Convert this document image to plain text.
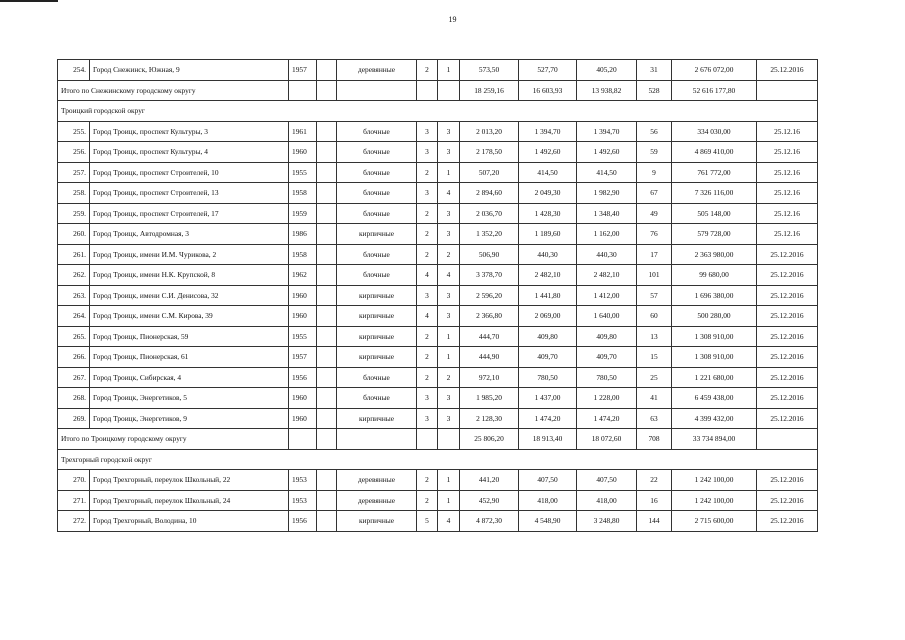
19
254.	Город Снежинск, Южная, 9	1957		деревянные	2	1	573,50	527,70	405,20	31	2 676 072,00	25.12.2016
Итого по Снежинскому городскому округу							18 259,16	16 603,93	13 938,82	528	52 616 177,80	
Троицкий городской округ												
255.	Город Троицк, проспект Культуры, 3	1961		блочные	3	3	2 013,20	1 394,70	1 394,70	56	334 030,00	25.12.16
256.	Город Троицк, проспект Культуры, 4	1960		блочные	3	3	2 178,50	1 492,60	1 492,60	59	4 869 410,00	25.12.16
257.	Город Троицк, проспект Строителей, 10	1955		блочные	2	1	507,20	414,50	414,50	9	761 772,00	25.12.16
258.	Город Троицк, проспект Строителей, 13	1958		блочные	3	4	2 894,60	2 049,30	1 982,90	67	7 326 116,00	25.12.16
259.	Город Троицк, проспект Строителей, 17	1959		блочные	2	3	2 036,70	1 428,30	1 348,40	49	505 148,00	25.12.16
260.	Город Троицк, Автодромная, 3	1986		кирпичные	2	3	1 352,20	1 189,60	1 162,00	76	579 728,00	25.12.16
261.	Город Троицк, имени И.М. Чурикова, 2	1958		блочные	2	2	506,90	440,30	440,30	17	2 363 980,00	25.12.2016
262.	Город Троицк, имени Н.К. Крупской, 8	1962		блочные	4	4	3 378,70	2 482,10	2 482,10	101	99 680,00	25.12.2016
263.	Город Троицк, имени С.И. Денисова, 32	1960		кирпичные	3	3	2 596,20	1 441,80	1 412,00	57	1 696 380,00	25.12.2016
264.	Город Троицк, имени С.М. Кирова, 39	1960		кирпичные	4	3	2 366,80	2 069,00	1 640,00	60	500 280,00	25.12.2016
265.	Город Троицк, Пионерская, 59	1955		кирпичные	2	1	444,70	409,80	409,80	13	1 308 910,00	25.12.2016
266.	Город Троицк, Пионерская, 61	1957		кирпичные	2	1	444,90	409,70	409,70	15	1 308 910,00	25.12.2016
267.	Город Троицк, Сибирская, 4	1956		блочные	2	2	972,10	780,50	780,50	25	1 221 680,00	25.12.2016
268.	Город Троицк, Энергетиков, 5	1960		блочные	3	3	1 985,20	1 437,00	1 228,00	41	6 459 438,00	25.12.2016
269.	Город Троицк, Энергетиков, 9	1960		кирпичные	3	3	2 128,30	1 474,20	1 474,20	63	4 399 432,00	25.12.2016
Итого по Троицкому городскому округу							25 806,20	18 913,40	18 072,60	708	33 734 894,00	
Трехгорный городской округ												
270.	Город Трехгорный, переулок Школьный, 22	1953		деревянные	2	1	441,20	407,50	407,50	22	1 242 100,00	25.12.2016
271.	Город Трехгорный, переулок Школьный, 24	1953		деревянные	2	1	452,90	418,00	418,00	16	1 242 100,00	25.12.2016
272.	Город Трехгорный, Володина, 10	1956		кирпичные	5	4	4 872,30	4 548,90	3 248,80	144	2 715 600,00	25.12.2016
